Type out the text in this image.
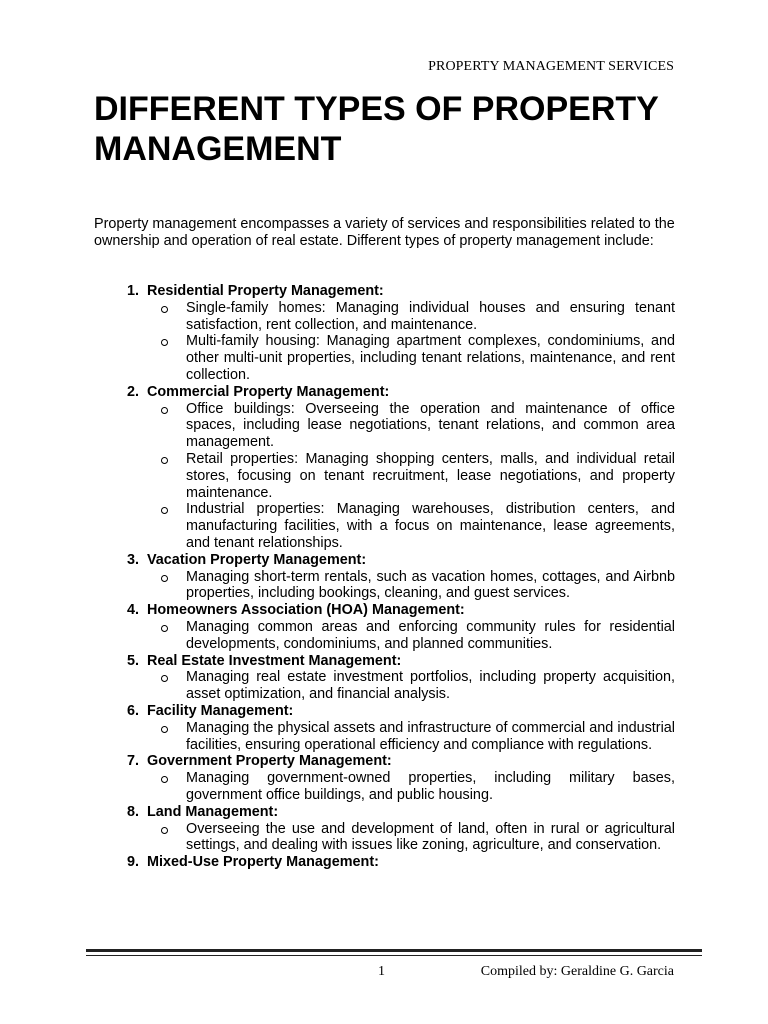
PROPERTY MANAGEMENT SERVICES
DIFFERENT TYPES OF PROPERTY MANAGEMENT

Property management encompasses a variety of services and responsibilities related to the ownership and operation of real estate. Different types of property management include:

1.
Residential Property Management:
Single-family homes: Managing individual houses and ensuring tenant satisfaction, rent collection, and maintenance.
Multi-family housing: Managing apartment complexes, condominiums, and other multi-unit properties, including tenant relations, maintenance, and rent collection.
2.
Commercial Property Management:
Office buildings: Overseeing the operation and maintenance of office spaces, including lease negotiations, tenant relations, and common area management.
Retail properties: Managing shopping centers, malls, and individual retail stores, focusing on tenant recruitment, lease negotiations, and property maintenance.
Industrial properties: Managing warehouses, distribution centers, and manufacturing facilities, with a focus on maintenance, lease agreements, and tenant relationships.
3.
Vacation Property Management:
Managing short-term rentals, such as vacation homes, cottages, and Airbnb properties, including bookings, cleaning, and guest services.
4.
Homeowners Association (HOA) Management:
Managing common areas and enforcing community rules for residential developments, condominiums, and planned communities.
5.
Real Estate Investment Management:
Managing real estate investment portfolios, including property acquisition, asset optimization, and financial analysis.
6.
Facility Management:
Managing the physical assets and infrastructure of commercial and industrial facilities, ensuring operational efficiency and compliance with regulations.
7.
Government Property Management:
Managing government-owned properties, including military bases, government office buildings, and public housing.
8.
Land Management:
Overseeing the use and development of land, often in rural or agricultural settings, and dealing with issues like zoning, agriculture, and conservation.
9.
Mixed-Use Property Management:
1	Compiled by: Geraldine G. Garcia
